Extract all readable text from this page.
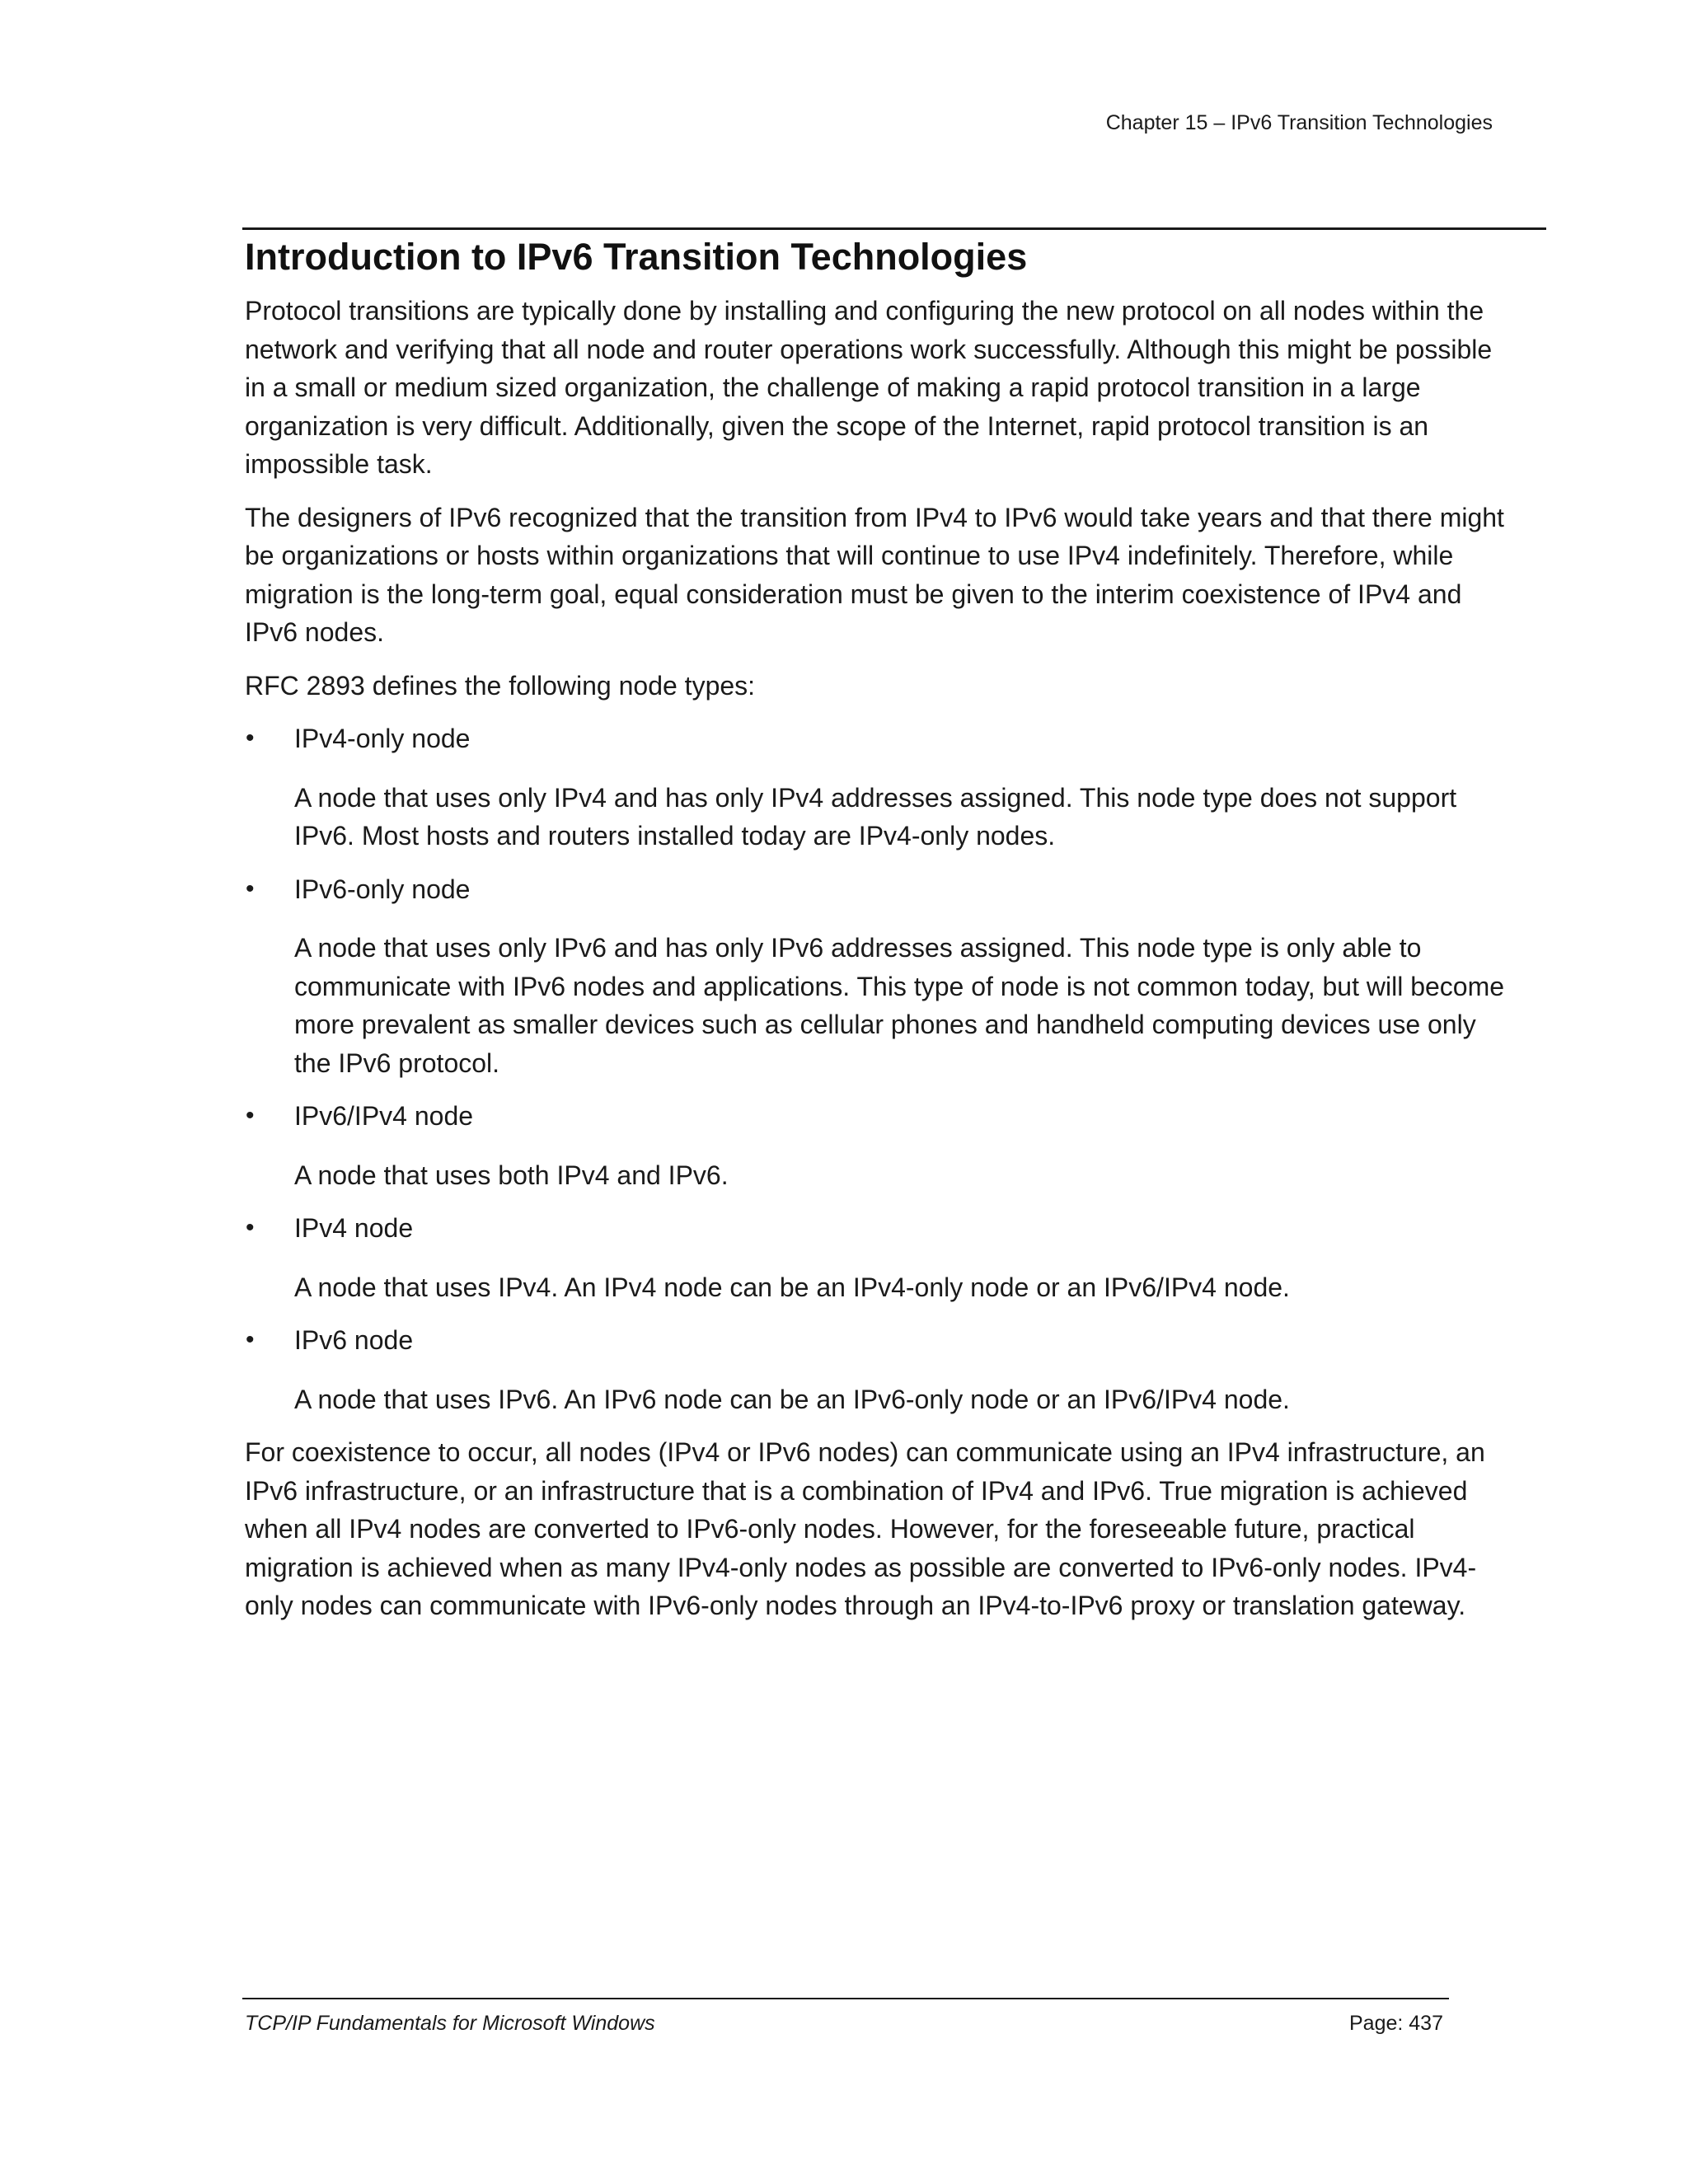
Chapter 15 – IPv6 Transition Technologies
Introduction to IPv6 Transition Technologies

Protocol transitions are typically done by installing and configuring the new protocol on all nodes within the network and verifying that all node and router operations work successfully. Although this might be possible in a small or medium sized organization, the challenge of making a rapid protocol transition in a large organization is very difficult. Additionally, given the scope of the Internet, rapid protocol transition is an impossible task.

The designers of IPv6 recognized that the transition from IPv4 to IPv6 would take years and that there might be organizations or hosts within organizations that will continue to use IPv4 indefinitely. Therefore, while migration is the long-term goal, equal consideration must be given to the interim coexistence of IPv4 and IPv6 nodes.

RFC 2893 defines the following node types:

• IPv4-only node

A node that uses only IPv4 and has only IPv4 addresses assigned. This node type does not support IPv6. Most hosts and routers installed today are IPv4-only nodes.

• IPv6-only node

A node that uses only IPv6 and has only IPv6 addresses assigned. This node type is only able to communicate with IPv6 nodes and applications. This type of node is not common today, but will become more prevalent as smaller devices such as cellular phones and handheld computing devices use only the IPv6 protocol.

• IPv6/IPv4 node

A node that uses both IPv4 and IPv6.

• IPv4 node

A node that uses IPv4. An IPv4 node can be an IPv4-only node or an IPv6/IPv4 node.

• IPv6 node

A node that uses IPv6. An IPv6 node can be an IPv6-only node or an IPv6/IPv4 node.

For coexistence to occur, all nodes (IPv4 or IPv6 nodes) can communicate using an IPv4 infrastructure, an IPv6 infrastructure, or an infrastructure that is a combination of IPv4 and IPv6. True migration is achieved when all IPv4 nodes are converted to IPv6-only nodes. However, for the foreseeable future, practical migration is achieved when as many IPv4-only nodes as possible are converted to IPv6-only nodes. IPv4-only nodes can communicate with IPv6-only nodes through an IPv4-to-IPv6 proxy or translation gateway.

TCP/IP Fundamentals for Microsoft Windows	Page: 437
